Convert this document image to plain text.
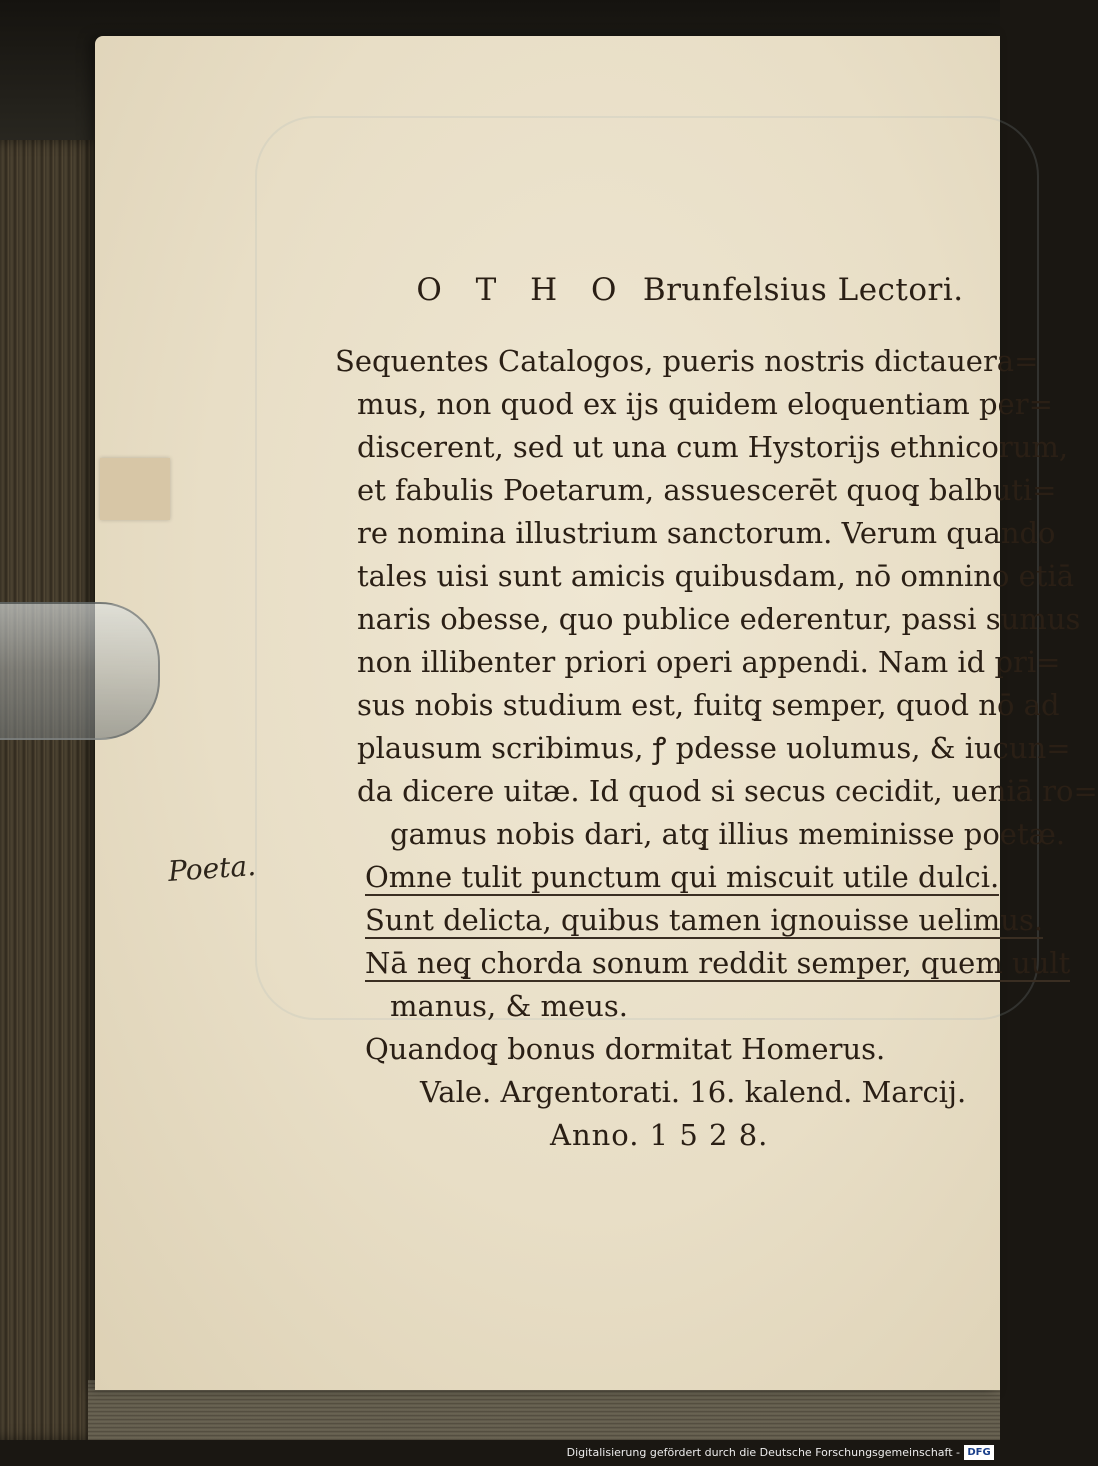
Poeta.
O T H O Brunfelsius Lectori.
Sequentes Catalogos, pueris nostris dictauera=
mus, non quod ex ijs quidem eloquentiam per=
discerent, sed ut una cum Hystorijs ethnicorum,
et fabulis Poetarum, assuescerēt quoq̧ balbuti=
re nomina illustrium sanctorum. Verum quando
tales uisi sunt amicis quibusdam, nō omnino etiā
naris obesse, quo publice ederentur, passi sumus
non illibenter priori operi appendi. Nam id pri=
sus nobis studium est, fuitq̧ semper, quod nō ad
plausum scribimus, ꝭ pdesse uolumus, & iucun=
da dicere uitæ. Id quod si secus cecidit, ueniā ro=
gamus nobis dari, atq̧ illius meminisse poetæ.
Omne tulit punctum qui miscuit utile dulci.
Sunt delicta, quibus tamen ignouisse uelimus.
Nā neq̧ chorda sonum reddit semper, quem uult
manus, & meus.
Quandoq̧ bonus dormitat Homerus.
Vale. Argentorati. 16. kalend. Marcij.
Anno. 1 5 2 8.
Digitalisierung gefördert durch die Deutsche Forschungsgemeinschaft - DFG
